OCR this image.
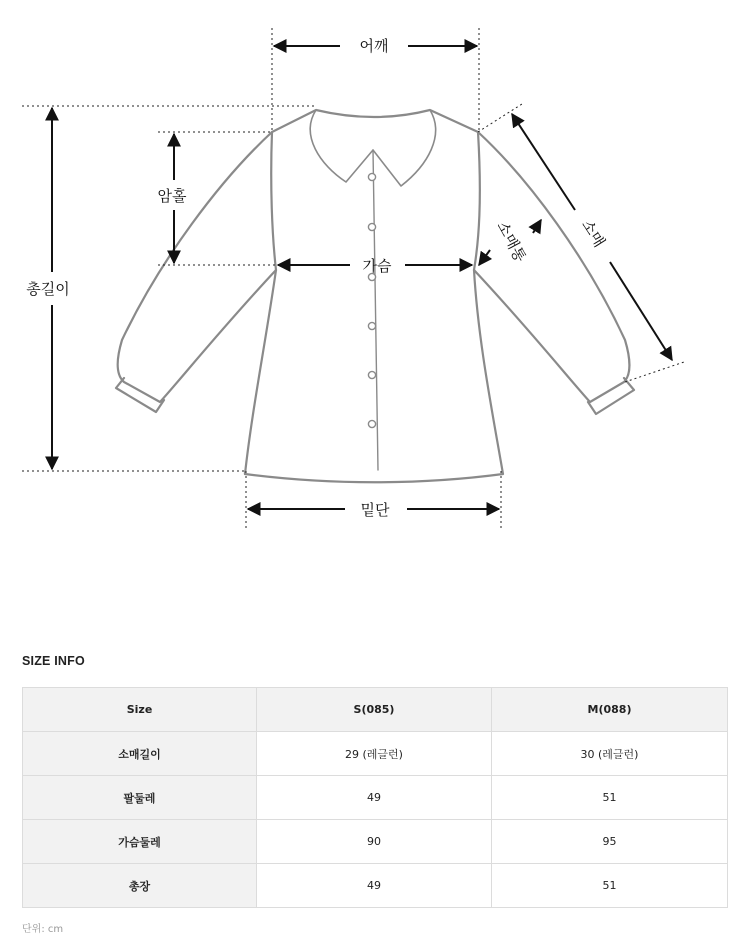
어깨
총길이
암홀
가슴
소매통	소매
밑단
SIZE INFO
Size	S(085)	M(088)
소매길이	29 (레글런)	30 (레글런)
팔둘레	49	51
가슴둘레	90	95
총장	49	51
단위: cm
